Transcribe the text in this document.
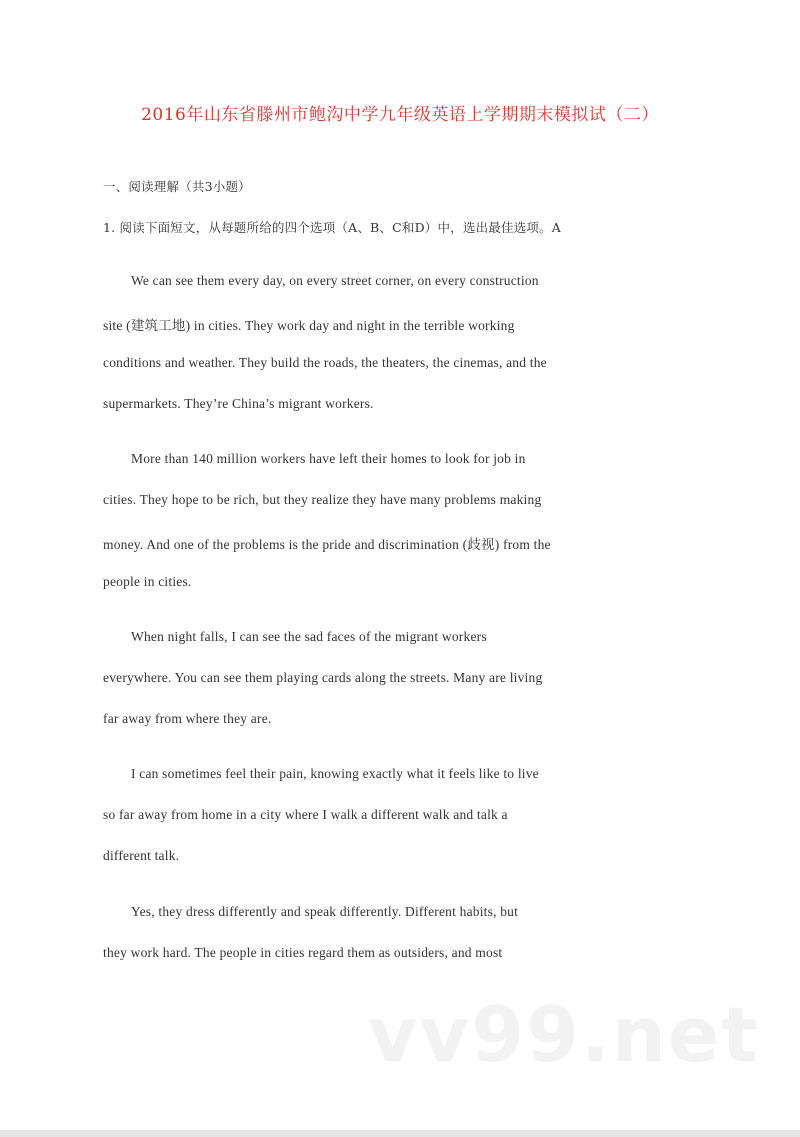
2016年山东省滕州市鲍沟中学九年级英语上学期期末模拟试（二）
一、阅读理解（共3小题）
1. 阅读下面短文，从每题所给的四个选项（A、B、C和D）中，选出最佳选项。A
We can see them every day, on every street corner, on every construction
site (建筑工地) in cities. They work day and night in the terrible working
conditions and weather. They build the roads, the theaters, the cinemas, and the
supermarkets. They’re China’s migrant workers.
More than 140 million workers have left their homes to look for job in
cities. They hope to be rich, but they realize they have many problems making
money. And one of the problems is the pride and discrimination (歧视) from the
people in cities.
When night falls, I can see the sad faces of the migrant workers
everywhere. You can see them playing cards along the streets. Many are living
far away from where they are.
I can sometimes feel their pain, knowing exactly what it feels like to live
so far away from home in a city where I walk a different walk and talk a
different talk.
Yes, they dress differently and speak differently. Different habits, but
they work hard. The people in cities regard them as outsiders, and most
vv99.net
